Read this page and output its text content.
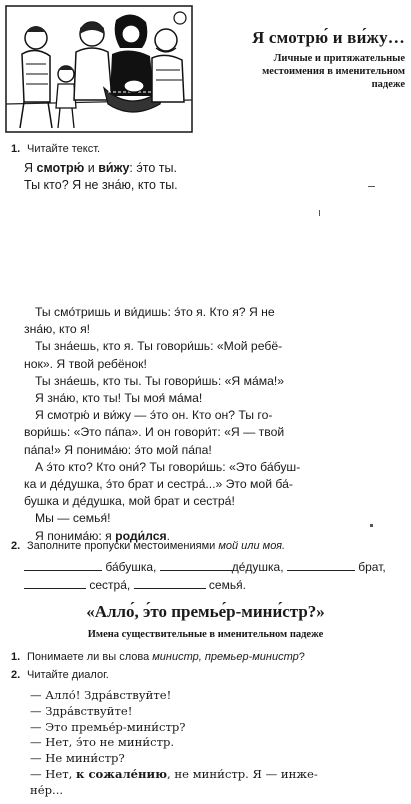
Я смотрю́ и ви́жу…
Личные и притяжательные
местоимения в именительном
падеже
1. Читайте текст.
Я смотрю́ и ви́жу: э́то ты.
Ты кто? Я не зна́ю, кто ты.
Ты смо́тришь и ви́дишь: э́то я. Кто я? Я не
зна́ю, кто я!
Ты зна́ешь, кто я. Ты говори́шь: «Мой ребё-
нок». Я твой ребёнок!
Ты зна́ешь, кто ты. Ты говори́шь: «Я ма́ма!»
Я зна́ю, кто ты! Ты моя́ ма́ма!
Я смотрю́ и ви́жу — э́то он. Кто он? Ты го-
вори́шь: «Это па́па». И он говори́т: «Я — твой
па́па!» Я понима́ю: э́то мой па́па!
А э́то кто? Кто они́? Ты говори́шь: «Это ба́буш-
ка и де́душка, э́то брат и сестра́...» Это мой ба́-
бушка и де́душка, мой брат и сестра́!
Мы — семья́!
Я понима́ю: я роди́лся.
2. Заполните пропуски местоимениями мой или моя.
ба́бушка,	де́душка,	брат,
сестра́,	семья́.
«Алло́, э́то премье́р-мини́стр?»
Имена существительные в именительном падеже
1. Понимаете ли вы слова министр, премьер-министр?
2. Читайте диалог.
— Алло́! Здра́вствуйте!
— Здра́вствуйте!
— Это премье́р-мини́стр?
— Нет, э́то не мини́стр.
— Не мини́стр?
— Нет, к сожале́нию, не мини́стр. Я — инже-
не́р...
